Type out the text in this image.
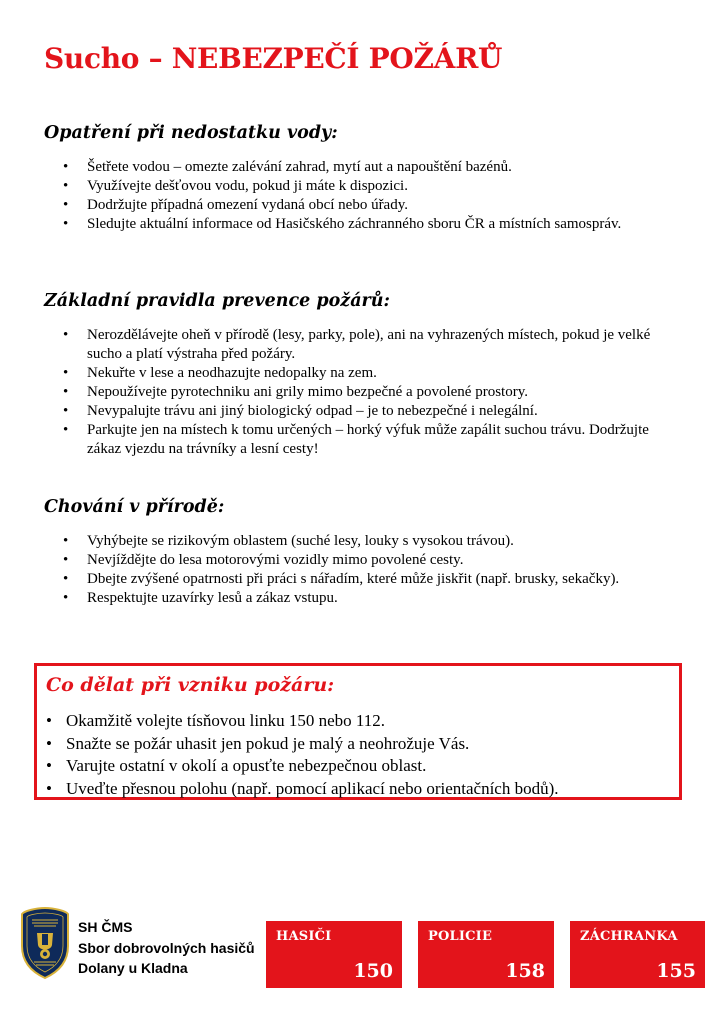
Sucho – NEBEZPEČÍ POŽÁRŮ
Opatření při nedostatku vody:
• Šetřete vodou – omezte zalévání zahrad, mytí aut a napouštění bazénů.
• Využívejte dešťovou vodu, pokud ji máte k dispozici.
• Dodržujte případná omezení vydaná obcí nebo úřady.
• Sledujte aktuální informace od Hasičského záchranného sboru ČR a místních samospráv.
Základní pravidla prevence požárů:
• Nerozdělávejte oheň v přírodě (lesy, parky, pole), ani na vyhrazených místech, pokud je velké sucho a platí výstraha před požáry.
• Nekuřte v lese a neodhazujte nedopalky na zem.
• Nepoužívejte pyrotechniku ani grily mimo bezpečné a povolené prostory.
• Nevypalujte trávu ani jiný biologický odpad – je to nebezpečné i nelegální.
• Parkujte jen na místech k tomu určených – horký výfuk může zapálit suchou trávu. Dodržujte zákaz vjezdu na trávníky a lesní cesty!
Chování v přírodě:
• Vyhýbejte se rizikovým oblastem (suché lesy, louky s vysokou trávou).
• Nevjíždějte do lesa motorovými vozidly mimo povolené cesty.
• Dbejte zvýšené opatrnosti při práci s nářadím, které může jiskřit (např. brusky, sekačky).
• Respektujte uzavírky lesů a zákaz vstupu.
Co dělat při vzniku požáru:
• Okamžitě volejte tísňovou linku 150 nebo 112.
• Snažte se požár uhasit jen pokud je malý a neohrožuje Vás.
• Varujte ostatní v okolí a opusťte nebezpečnou oblast.
• Uveďte přesnou polohu (např. pomocí aplikací nebo orientačních bodů).
SH ČMS
Sbor dobrovolných hasičů
Dolany u Kladna
HASIČI
150
POLICIE
158
ZÁCHRANKA
155
